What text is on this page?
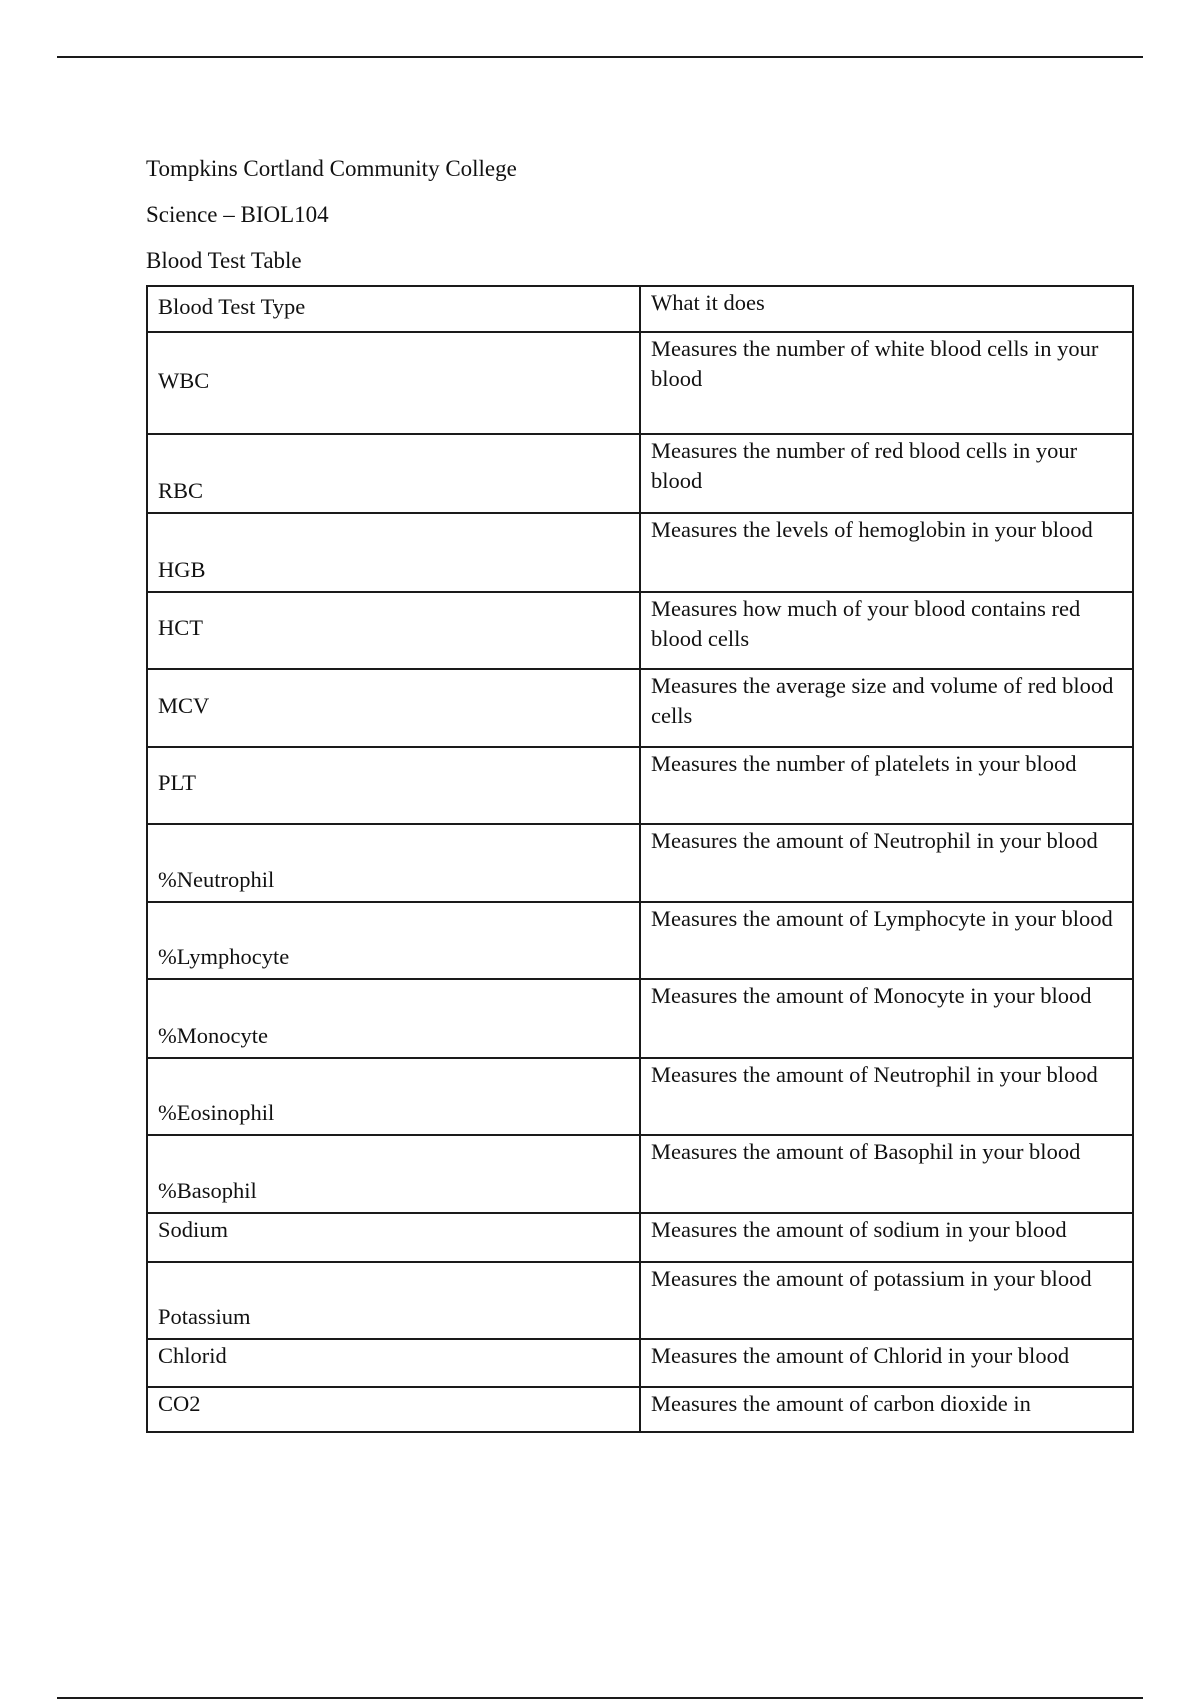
Tompkins Cortland Community College
Science – BIOL104
Blood Test Table
Blood Test Type	What it does
WBC	Measures the number of white blood cells in your blood
RBC	Measures the number of red blood cells in your blood
HGB	Measures the levels of hemoglobin in your blood
HCT	Measures how much of your blood contains red blood cells
MCV	Measures the average size and volume of red blood cells
PLT	Measures the number of platelets in your blood
%Neutrophil	Measures the amount of Neutrophil in your blood
%Lymphocyte	Measures the amount of Lymphocyte in your blood
%Monocyte	Measures the amount of Monocyte in your blood
%Eosinophil	Measures the amount of Neutrophil in your blood
%Basophil	Measures the amount of Basophil in your blood
Sodium	Measures the amount of sodium in your blood
Potassium	Measures the amount of potassium in your blood
Chlorid	Measures the amount of Chlorid in your blood
CO2	Measures the amount of carbon dioxide in
